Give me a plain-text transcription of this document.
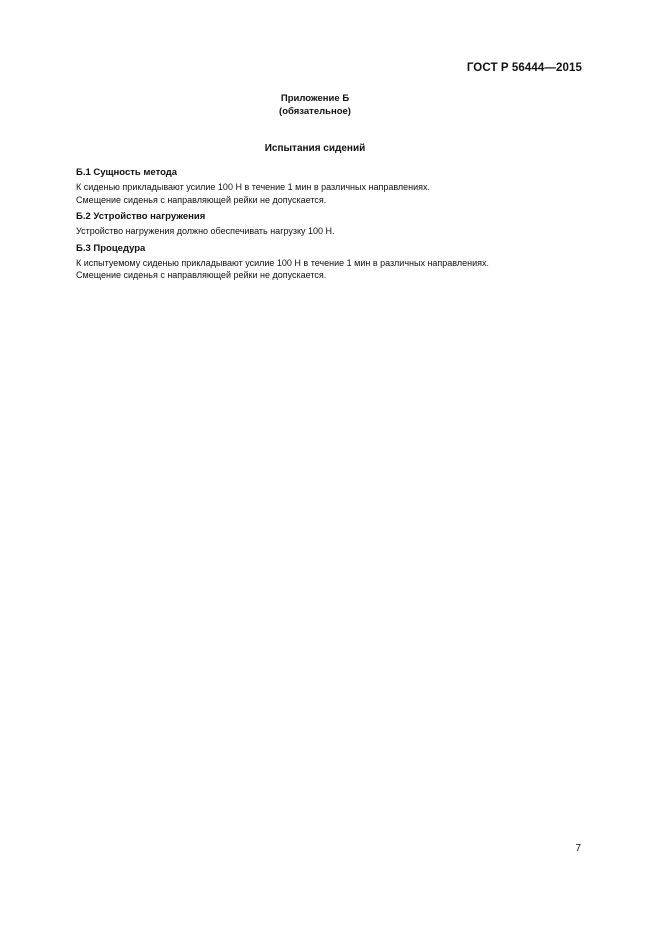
ГОСТ Р 56444—2015
Приложение Б
(обязательное)
Испытания сидений
Б.1 Сущность метода
К сиденью прикладывают усилие 100 Н в течение 1 мин в различных направлениях.
Смещение сиденья с направляющей рейки не допускается.
Б.2 Устройство нагружения
Устройство нагружения должно обеспечивать нагрузку 100 Н.
Б.3 Процедура
К испытуемому сиденью прикладывают усилие 100 Н в течение 1 мин в различных направлениях.
Смещение сиденья с направляющей рейки не допускается.
7
